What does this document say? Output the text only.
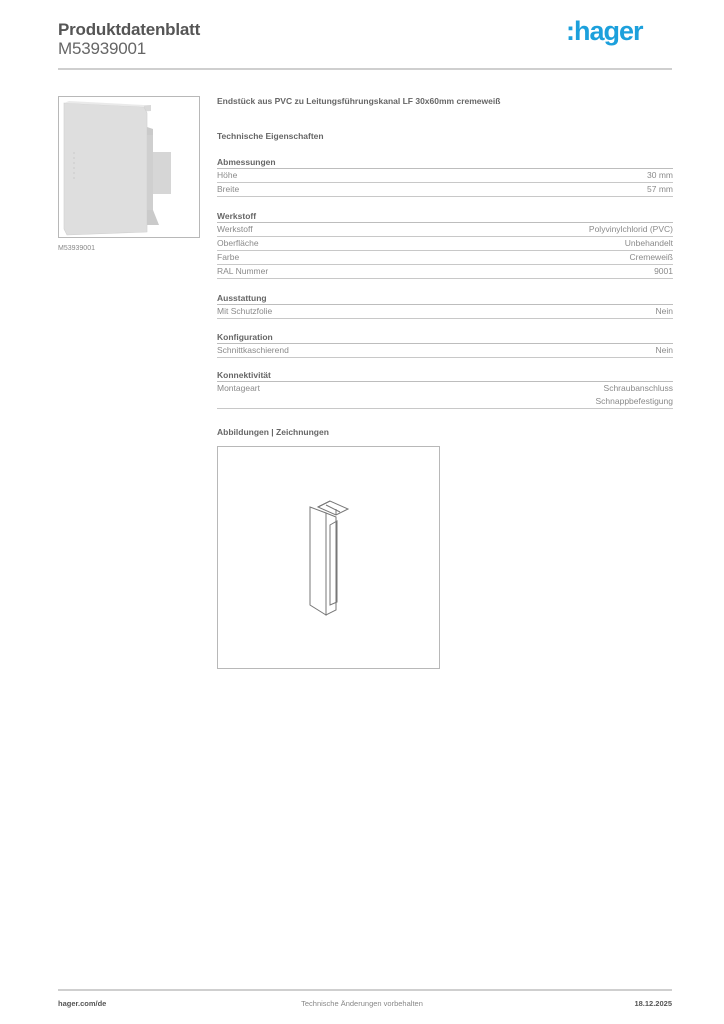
Produktdatenblatt
M53939001
:hager
M53939001
Endstück aus PVC zu Leitungsführungskanal LF 30x60mm cremeweiß
Technische Eigenschaften
Abmessungen
Höhe	30 mm
Breite	57 mm
Werkstoff
Werkstoff	Polyvinylchlorid (PVC)
Oberfläche	Unbehandelt
Farbe	Cremeweiß
RAL Nummer	9001
Ausstattung
Mit Schutzfolie	Nein
Konfiguration
Schnittkaschierend	Nein
Konnektivität
Montageart	Schraubanschluss
Schnappbefestigung
Abbildungen | Zeichnungen
hager.com/de	Technische Änderungen vorbehalten	18.12.2025
